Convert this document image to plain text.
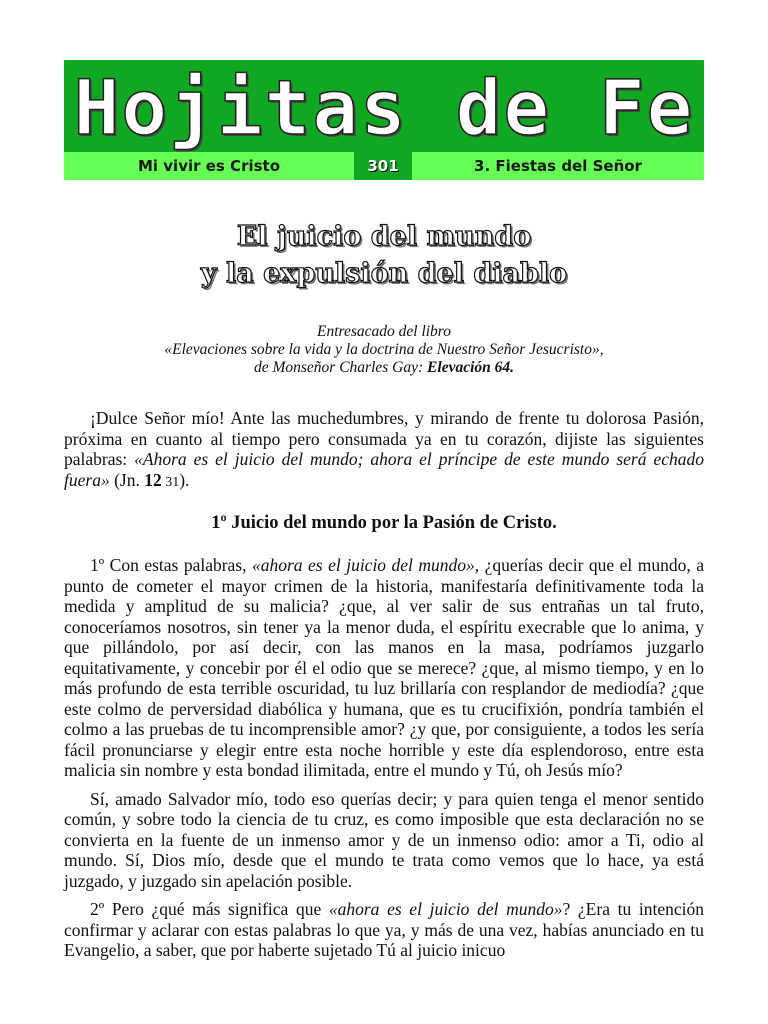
Hojitas de Fe
Mi vivir es Cristo	301	3. Fiestas del Señor
El juicio del mundo
y la expulsión del diablo
Entresacado del libro
«Elevaciones sobre la vida y la doctrina de Nuestro Señor Jesucristo»,
de Monseñor Charles Gay: Elevación 64.

¡Dulce Señor mío! Ante las muchedumbres, y mirando de frente tu dolorosa Pasión, próxima en cuanto al tiempo pero consumada ya en tu corazón, dijiste las siguientes palabras: «Ahora es el juicio del mundo; ahora el príncipe de este mundo será echado fuera» (Jn. 12 31).

1º Juicio del mundo por la Pasión de Cristo.

1º Con estas palabras, «ahora es el juicio del mundo», ¿querías decir que el mundo, a punto de cometer el mayor crimen de la historia, manifestaría definitivamente toda la medida y amplitud de su malicia? ¿que, al ver salir de sus entrañas un tal fruto, conoceríamos nosotros, sin tener ya la menor duda, el espíritu execrable que lo anima, y que pillándolo, por así decir, con las manos en la masa, podríamos juzgarlo equitativamente, y concebir por él el odio que se merece? ¿que, al mismo tiempo, y en lo más profundo de esta terrible oscuridad, tu luz brillaría con resplandor de mediodía? ¿que este colmo de perversidad diabólica y humana, que es tu crucifixión, pondría también el colmo a las pruebas de tu incomprensible amor? ¿y que, por consiguiente, a todos les sería fácil pronunciarse y elegir entre esta noche horrible y este día esplendoroso, entre esta malicia sin nombre y esta bondad ilimitada, entre el mundo y Tú, oh Jesús mío?

Sí, amado Salvador mío, todo eso querías decir; y para quien tenga el menor sentido común, y sobre todo la ciencia de tu cruz, es como imposible que esta declaración no se convierta en la fuente de un inmenso amor y de un inmenso odio: amor a Ti, odio al mundo. Sí, Dios mío, desde que el mundo te trata como vemos que lo hace, ya está juzgado, y juzgado sin apelación posible.

2º Pero ¿qué más significa que «ahora es el juicio del mundo»? ¿Era tu intención confirmar y aclarar con estas palabras lo que ya, y más de una vez, habías anunciado en tu Evangelio, a saber, que por haberte sujetado Tú al juicio inicuo
